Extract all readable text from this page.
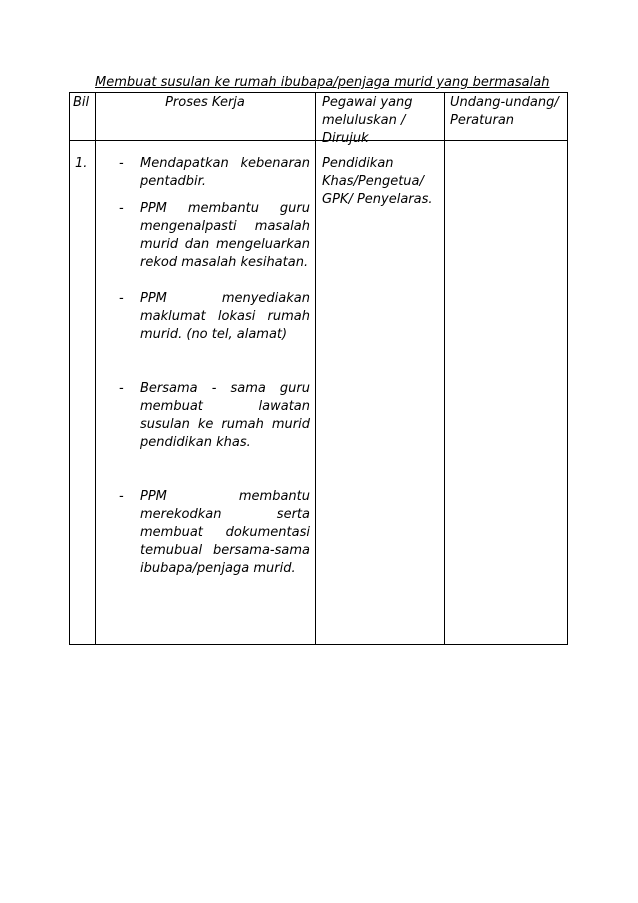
Membuat susulan ke rumah ibubapa/penjaga murid yang bermasalah
Bil	Proses Kerja	Pegawai yang meluluskan / Dirujuk
Undang-undang/ Peraturan
1. - Mendapatkan kebenaran pentadbir.
- PPM membantu guru mengenalpasti masalah murid dan mengeluarkan rekod masalah kesihatan.
- PPM menyediakan maklumat lokasi rumah murid. (no tel, alamat)
- Bersama - sama guru membuat lawatan susulan ke rumah murid pendidikan khas.
- PPM membantu merekodkan serta membuat dokumentasi temubual bersama-sama ibubapa/penjaga murid.
Pendidikan Khas/Pengetua/ GPK/ Penyelaras.
